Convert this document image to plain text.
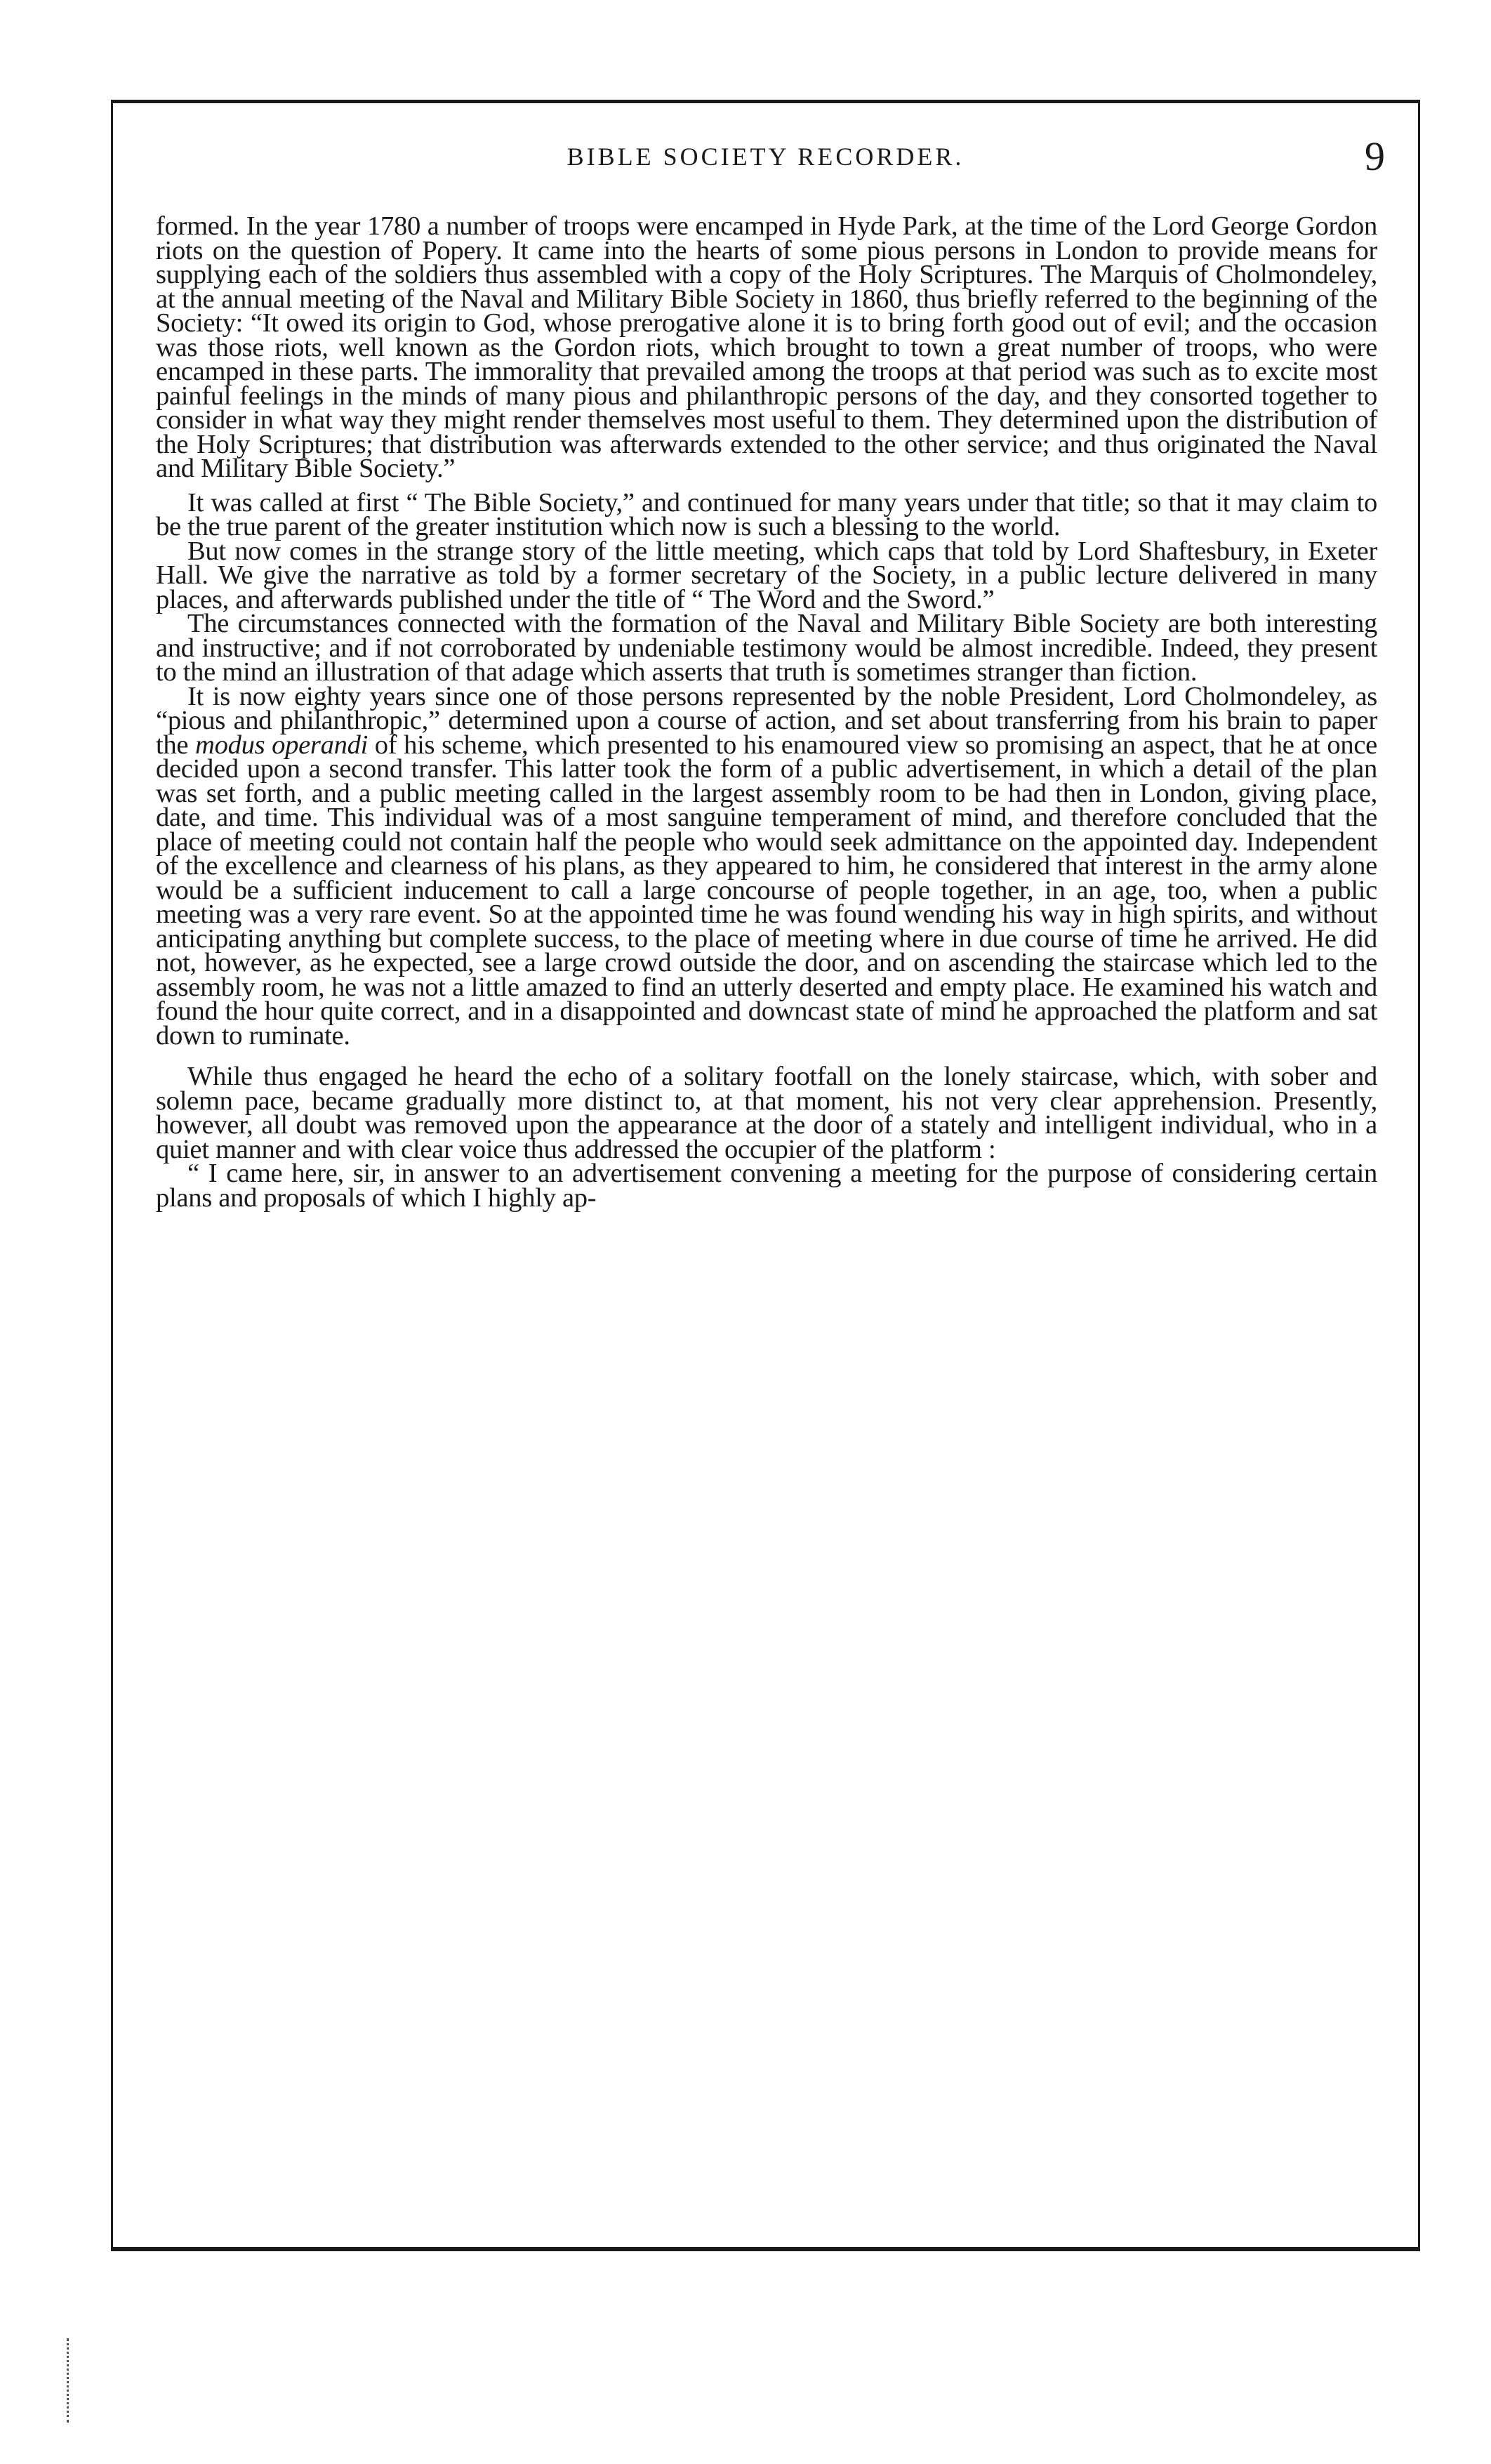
BIBLE SOCIETY RECORDER.	9

formed. In the year 1780 a number of troops were encamped in Hyde Park, at the time of the Lord George Gordon riots on the question of Popery. It came into the hearts of some pious persons in London to provide means for supplying each of the soldiers thus assembled with a copy of the Holy Scriptures. The Marquis of Cholmondeley, at the annual meeting of the Naval and Military Bible Society in 1860, thus briefly referred to the beginning of the Society: “It owed its origin to God, whose prerogative alone it is to bring forth good out of evil; and the occasion was those riots, well known as the Gordon riots, which brought to town a great number of troops, who were encamped in these parts. The immorality that prevailed among the troops at that period was such as to excite most painful feelings in the minds of many pious and philanthropic persons of the day, and they consorted together to consider in what way they might render themselves most useful to them. They determined upon the distribution of the Holy Scriptures; that distribution was afterwards extended to the other service; and thus originated the Naval and Military Bible Society.”

It was called at first “ The Bible Society,” and continued for many years under that title; so that it may claim to be the true parent of the greater institution which now is such a blessing to the world.

But now comes in the strange story of the little meeting, which caps that told by Lord Shaftesbury, in Exeter Hall. We give the narrative as told by a former secretary of the Society, in a public lecture delivered in many places, and afterwards published under the title of “ The Word and the Sword.”

The circumstances connected with the formation of the Naval and Military Bible Society are both interesting and instructive; and if not corroborated by undeniable testimony would be almost incredible. Indeed, they present to the mind an illustration of that adage which asserts that truth is sometimes stranger than fiction.

It is now eighty years since one of those persons represented by the noble President, Lord Cholmondeley, as “pious and philanthropic,” determined upon a course of action, and set about transferring from his brain to paper the modus operandi of his scheme, which presented to his enamoured view so promising an aspect, that he at once decided upon a second transfer. This latter took the form of a public advertisement, in which a detail of the plan was set forth, and a public meeting called in the largest assembly room to be had then in London, giving place, date, and time. This individual was of a most sanguine temperament of mind, and therefore concluded that the place of meeting could not contain half the people who would seek admittance on the appointed day. Independent of the excellence and clearness of his plans, as they appeared to him, he considered that interest in the army alone would be a sufficient inducement to call a large concourse of people together, in an age, too, when a public meeting was a very rare event. So at the appointed time he was found wending his way in high spirits, and without anticipating anything but complete success, to the place of meeting where in due course of time he arrived. He did not, however, as he expected, see a large crowd outside the door, and on ascending the staircase which led to the assembly room, he was not a little amazed to find an utterly deserted and empty place. He examined his watch and found the hour quite correct, and in a disappointed and downcast state of mind he approached the platform and sat down to ruminate.

While thus engaged he heard the echo of a solitary footfall on the lonely staircase, which, with sober and solemn pace, became gradually more distinct to, at that moment, his not very clear apprehension. Presently, however, all doubt was removed upon the appearance at the door of a stately and intelligent individual, who in a quiet manner and with clear voice thus addressed the occupier of the platform :

“ I came here, sir, in answer to an advertisement convening a meeting for the purpose of considering certain plans and proposals of which I highly ap-
